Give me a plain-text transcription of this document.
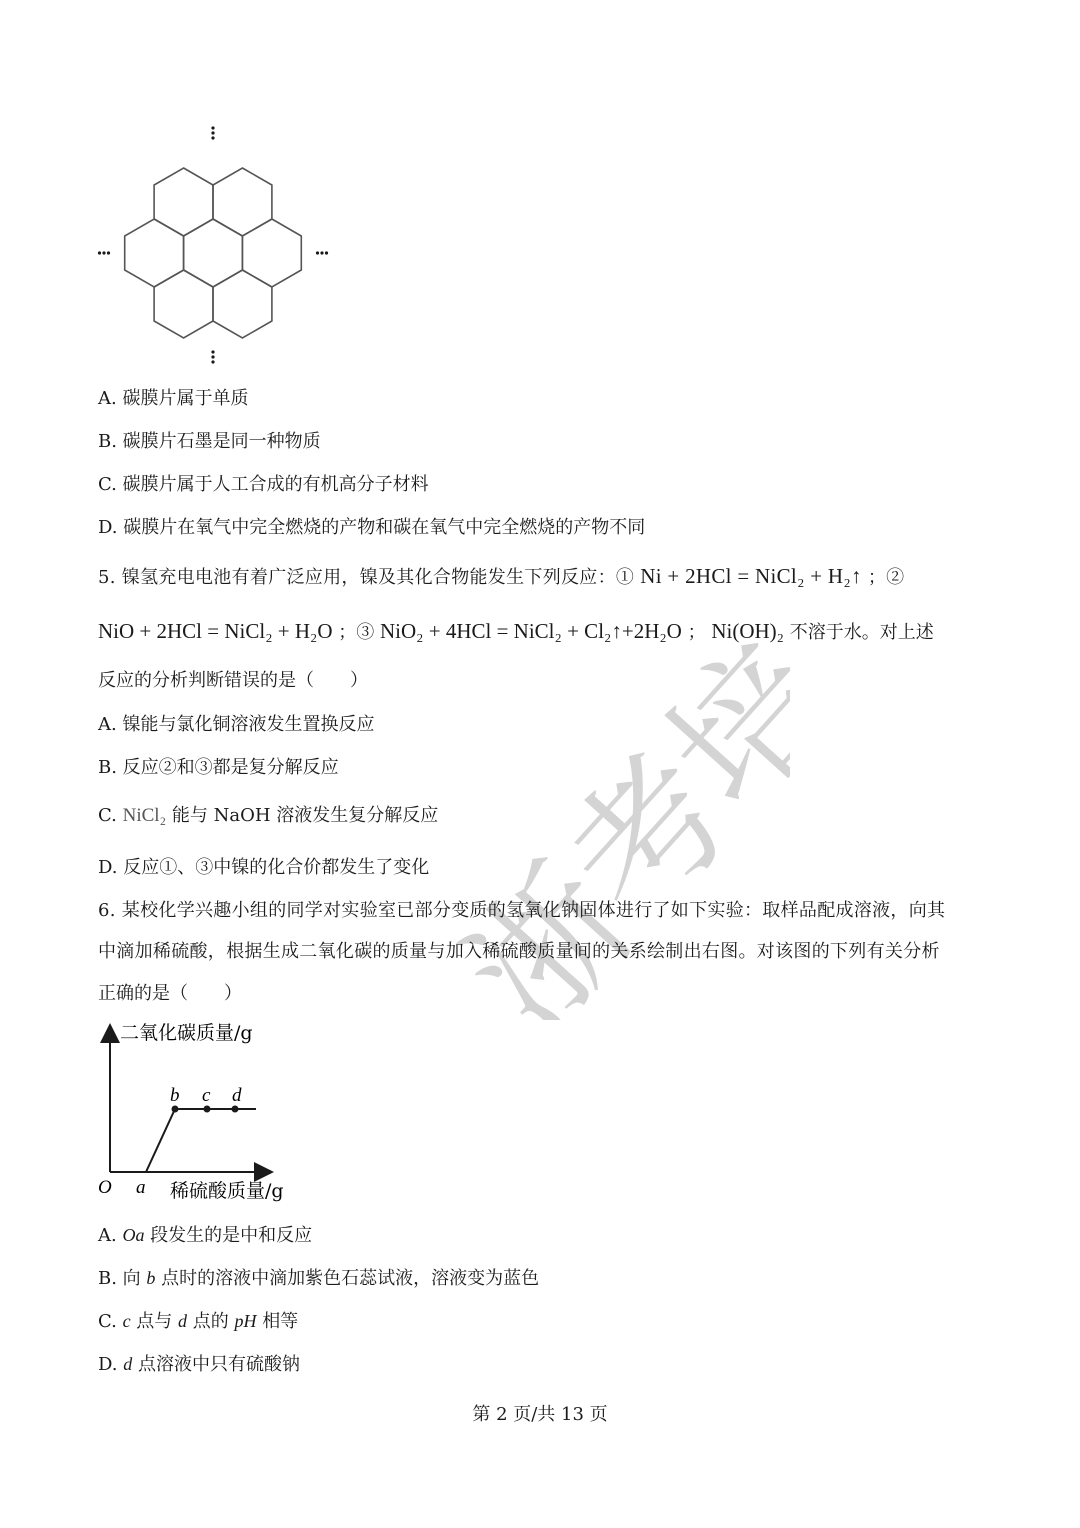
浙考培
A. 碳膜片属于单质
B. 碳膜片石墨是同一种物质
C. 碳膜片属于人工合成的有机高分子材料
D. 碳膜片在氧气中完全燃烧的产物和碳在氧气中完全燃烧的产物不同
5. 镍氢充电电池有着广泛应用，镍及其化合物能发生下列反应：① Ni + 2HCl = NiCl₂ + H₂↑ ；②
NiO + 2HCl = NiCl₂ + H₂O ；③ NiO₂ + 4HCl = NiCl₂ + Cl₂↑+2H₂O ； Ni(OH)₂ 不溶于水。对上述
反应的分析判断错误的是（　　）
A. 镍能与氯化铜溶液发生置换反应
B. 反应②和③都是复分解反应
C. NiCl₂ 能与 NaOH 溶液发生复分解反应
D. 反应①、③中镍的化合价都发生了变化
6. 某校化学兴趣小组的同学对实验室已部分变质的氢氧化钠固体进行了如下实验：取样品配成溶液，向其
中滴加稀硫酸，根据生成二氧化碳的质量与加入稀硫酸质量间的关系绘制出右图。对该图的下列有关分析
正确的是（　　）
二氧化碳质量/g
稀硫酸质量/g
O a
b c d
A. Oa 段发生的是中和反应
B. 向 b 点时的溶液中滴加紫色石蕊试液，溶液变为蓝色
C. c 点与 d 点的 pH 相等
D. d 点溶液中只有硫酸钠
第 2 页/共 13 页
